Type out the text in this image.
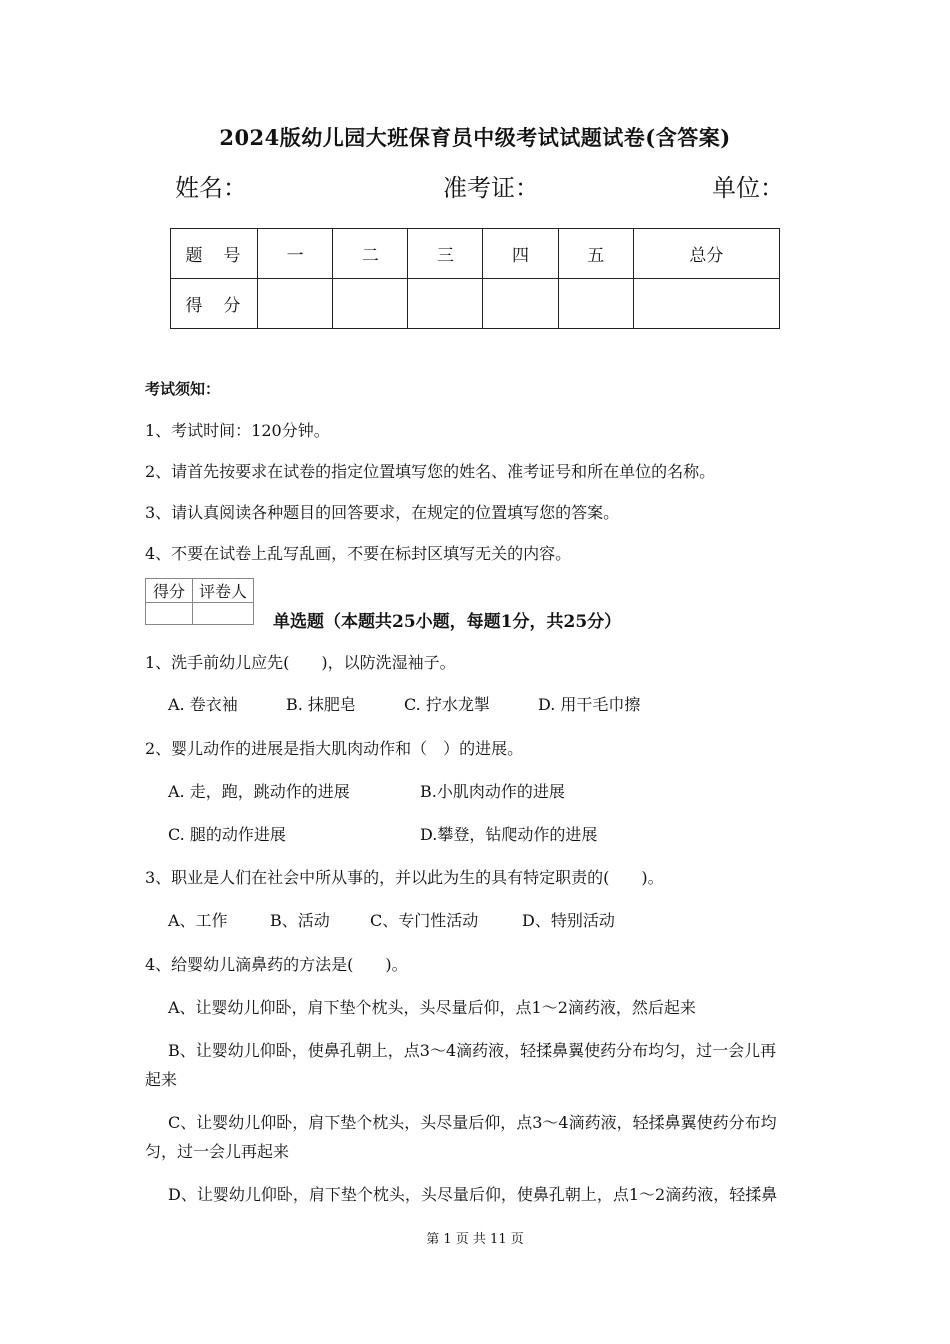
2024版幼儿园大班保育员中级考试试题试卷(含答案)
姓名：	准考证：	单位：
题　号	一	二	三	四	五	总分
得　分						
考试须知：
1、考试时间：120分钟。
2、请首先按要求在试卷的指定位置填写您的姓名、准考证号和所在单位的名称。
3、请认真阅读各种题目的回答要求，在规定的位置填写您的答案。
4、不要在试卷上乱写乱画，不要在标封区填写无关的内容。
得分	评卷人

单选题（本题共25小题，每题1分，共25分）
1、洗手前幼儿应先(　　)，以防洗湿袖子。
A. 卷衣袖	B. 抹肥皂	C. 拧水龙掣	D. 用干毛巾擦
2、婴儿动作的进展是指大肌肉动作和（　）的进展。
A. 走，跑，跳动作的进展	B.小肌肉动作的进展
C. 腿的动作进展	D.攀登，钻爬动作的进展
3、职业是人们在社会中所从事的，并以此为生的具有特定职责的(　　)。
A、工作	B、活动	C、专门性活动	D、特别活动
4、给婴幼儿滴鼻药的方法是(　　)。
A、让婴幼儿仰卧，肩下垫个枕头，头尽量后仰，点1～2滴药液，然后起来
B、让婴幼儿仰卧，使鼻孔朝上，点3～4滴药液，轻揉鼻翼使药分布均匀，过一会儿再
起来
C、让婴幼儿仰卧，肩下垫个枕头，头尽量后仰，点3～4滴药液，轻揉鼻翼使药分布均
匀，过一会儿再起来
D、让婴幼儿仰卧，肩下垫个枕头，头尽量后仰，使鼻孔朝上，点1～2滴药液，轻揉鼻
第 1 页 共 11 页
